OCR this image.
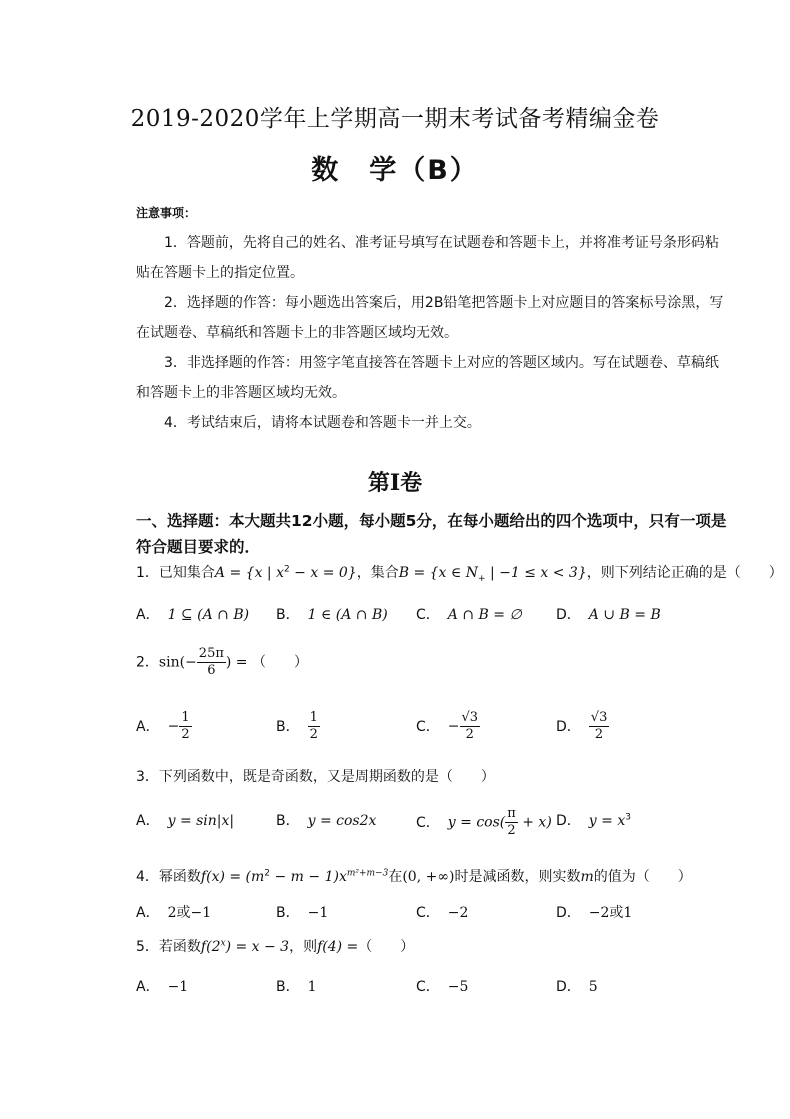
2019-2020学年上学期高一期末考试备考精编金卷
数　学（B）
注意事项：

1．答题前，先将自己的姓名、准考证号填写在试题卷和答题卡上，并将准考证号条形码粘贴在答题卡上的指定位置。

2．选择题的作答：每小题选出答案后，用2B铅笔把答题卡上对应题目的答案标号涂黑，写在试题卷、草稿纸和答题卡上的非答题区域均无效。

3．非选择题的作答：用签字笔直接答在答题卡上对应的答题区域内。写在试题卷、草稿纸和答题卡上的非答题区域均无效。

4．考试结束后，请将本试题卷和答题卡一并上交。

第Ⅰ卷
一、选择题：本大题共12小题，每小题5分，在每小题给出的四个选项中，只有一项是符合题目要求的．
1．已知集合A = {x | $x^2 - x = 0$}，集合B = {x ∈ $N_+$ | −1 ≤ x < 3}，则下列结论正确的是（　　）
A． 1 ⊆ (A ∩ B) B． 1 ∈ (A ∩ B) C． A ∩ B = ∅ D． A ∪ B = B
2．$\sin(- \frac{25\pi}{6}$ ) = （　　）
A． − $\frac{1}{2}$	B． $\frac{1}{2}$	C． − $\frac{√3}{2}$	D． $\frac{√3}{2}$
3．下列函数中，既是奇函数，又是周期函数的是（　　）
A． y = sin|x|	B． y = cos2x	C． $y = \cos( \frac{\pi}{2} + x)$ D． $y = x^3$
4．幂函数$f(x) = (m^2 - m - 1)x^{m^2+m-3}$在(0, +∞)时是减函数，则实数m的值为（　　）
A． 2或−1	B． −1	C． −2	D． −2或1
5．若函数$f(2^x) = x - 3$，则f(4) =（　　）
A． −1	B． 1	C． −5	D． 5
